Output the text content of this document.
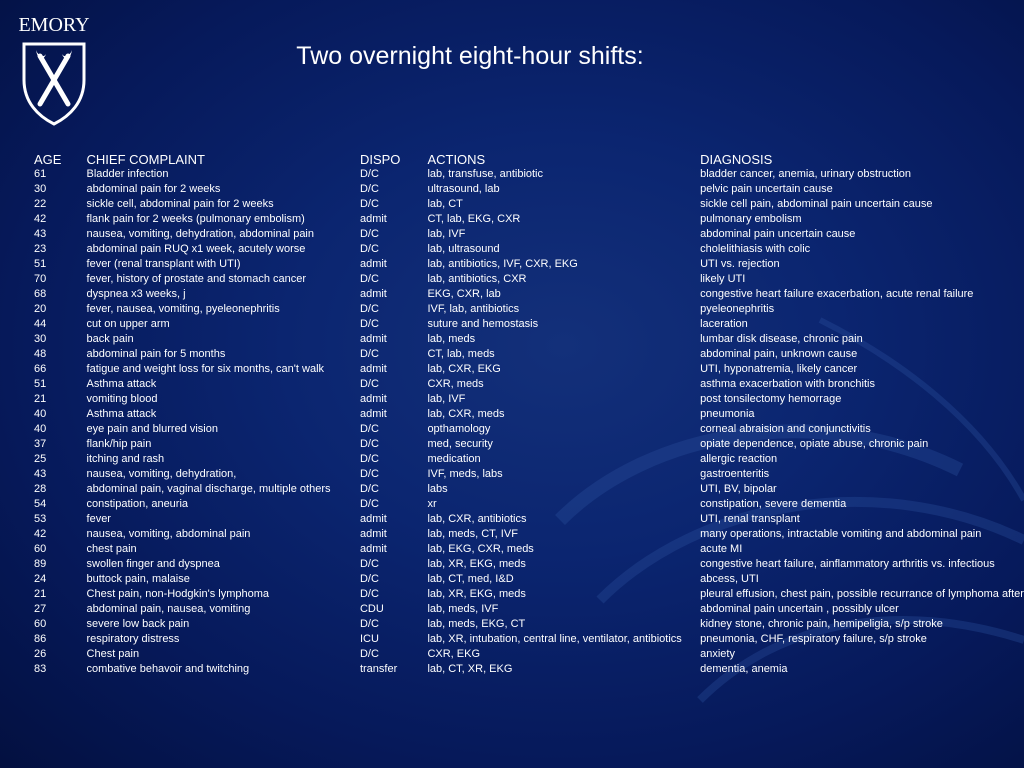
EMORY
Two overnight eight-hour shifts:
AGE	CHIEF COMPLAINT	DISPO	ACTIONS	DIAGNOSIS
61	Bladder infection	D/C	lab, transfuse, antibiotic	bladder cancer, anemia, urinary obstruction
30	abdominal pain for 2 weeks	D/C	ultrasound, lab	pelvic pain uncertain cause
22	sickle cell, abdominal pain for 2 weeks	D/C	lab, CT	sickle cell pain, abdominal pain uncertain cause
42	flank pain for 2 weeks (pulmonary embolism)	admit	CT, lab, EKG, CXR	pulmonary embolism
43	nausea, vomiting, dehydration, abdominal pain	D/C	lab, IVF	abdominal pain uncertain cause
23	abdominal pain RUQ x1 week, acutely worse	D/C	lab, ultrasound	cholelithiasis with colic
51	fever (renal transplant with UTI)	admit	lab, antibiotics, IVF, CXR, EKG	UTI vs. rejection
70	fever, history of prostate and stomach cancer	D/C	lab, antibiotics, CXR	likely UTI
68	dyspnea x3 weeks, j	admit	EKG, CXR, lab	congestive heart failure exacerbation, acute renal failure
20	fever, nausea, vomiting, pyeleonephritis	D/C	IVF, lab, antibiotics	pyeleonephritis
44	cut on upper arm	D/C	suture and hemostasis	laceration
30	back pain	admit	lab, meds	lumbar disk disease, chronic pain
48	abdominal pain for 5 months	D/C	CT, lab, meds	abdominal pain, unknown cause
66	fatigue and weight loss for six months, can't walk	admit	lab, CXR, EKG	UTI, hyponatremia, likely cancer
51	Asthma attack	D/C	CXR, meds	asthma exacerbation with bronchitis
21	vomiting blood	admit	lab, IVF	post tonsilectomy hemorrage
40	Asthma attack	admit	lab, CXR, meds	pneumonia
40	eye pain and blurred vision	D/C	opthamology	corneal abraision and conjunctivitis
37	flank/hip pain	D/C	med, security	opiate dependence, opiate abuse, chronic pain
25	itching and rash	D/C	medication	allergic reaction
43	nausea, vomiting, dehydration,	D/C	IVF, meds, labs	gastroenteritis
28	abdominal pain, vaginal discharge, multiple others	D/C	labs	UTI, BV, bipolar
54	constipation, aneuria	D/C	xr	constipation, severe dementia
53	fever	admit	lab, CXR, antibiotics	UTI, renal transplant
42	nausea, vomiting, abdominal pain	admit	lab, meds, CT, IVF	many operations, intractable vomiting and abdominal pain
60	chest pain	admit	lab, EKG, CXR, meds	acute MI
89	swollen finger and dyspnea	D/C	lab, XR, EKG, meds	congestive heart failure, ainflammatory arthritis vs. infectious
24	buttock pain, malaise	D/C	lab, CT, med, I&D	abcess, UTI
21	Chest pain, non-Hodgkin's lymphoma	D/C	lab, XR, EKG, meds	pleural effusion, chest pain, possible recurrance of lymphoma after
27	abdominal pain, nausea, vomiting	CDU	lab, meds, IVF	abdominal pain uncertain , possibly ulcer
60	severe low back pain	D/C	lab, meds, EKG, CT	kidney stone, chronic pain, hemipeligia, s/p stroke
86	respiratory distress	ICU	lab, XR, intubation, central line, ventilator, antibiotics	pneumonia, CHF, respiratory failure, s/p stroke
26	Chest pain	D/C	CXR, EKG	anxiety
83	combative behavoir and twitching	transfer	lab, CT, XR, EKG	dementia, anemia
